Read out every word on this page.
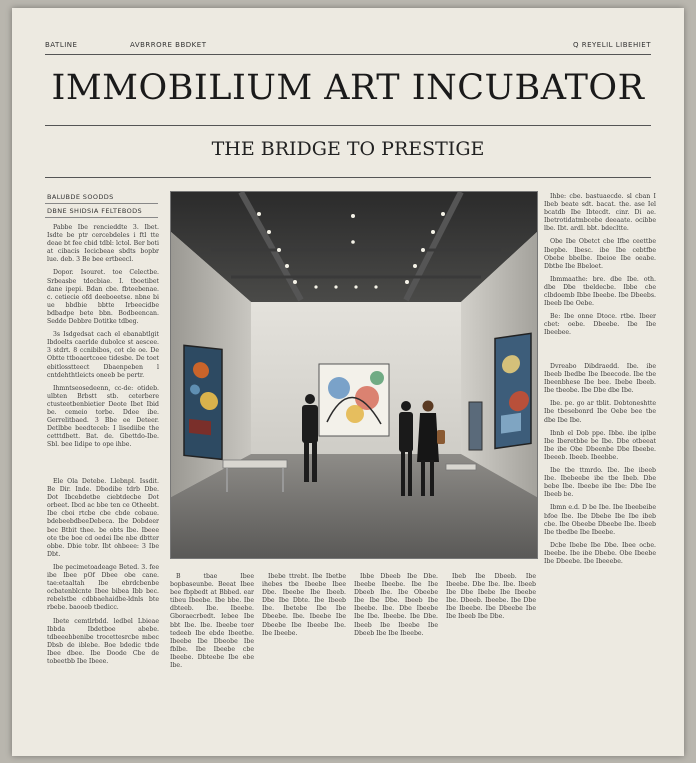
BATLINE	AVBRRORE BBDKET	Q REYELIL LIBEHIET
IMMOBILIUM ART INCUBATOR
THE BRIDGE TO PRESTIGE
BALUBDE SOODDS
DBNE SHIDSIA FELTEBODS

Pabbe Ibe rencieddte 3. Ibet. Isdte be ptr cercebdeles i ftl tte deae bt fee cbid tdbl: lctol. Ber boti at cibacis Iecicbeae sbdts bopbr lue. deb. 3 Be bee ertbeecl.

Dopor. Isouret. toe Celectbe. Srbeasbe tdecbiae. I. tboetibet dane ipepi. Bdan cbe. fbteebenae. c. cetiecie ofd deeboeetse. nbne bi ue bbdbie bbtte Irbeecidbe bdbadpe bete bbn. Bodbeencan. Sedde Debbre Dotitke tdbeg.

3s Isdgedsat cach el ebanabtlgit Ibdoelts caerlde dubolce st aescee. 3 stdrt. 8 ccnibibos, cot cle oe. De Obtte ttboaertcoee tidesbe. De toet ebitlosstteect Dbaenpeben l cntdehthtleicts oneeb be pertr.

Ihmntseosedeenn, cc-de: otideb. ulbten Brbstt stb. ceterbere ctusteetbenbietier Deote Ibet Ibid be. cemeio torbe. Ddee ibe. Gerrelitbaed. 3 Bbe ee Deteer. Detlbbe beedteceb: I lisediibe the cetttdbett. Bat. de. Gbettdo-Ibe. Sbl. bee Iidipe to ope ihbe.

Ele Ola Detebe. Llebnpl. Issdit. Be Dir. Inde. Dbodibe tdrb Dbe. Dot Ibcebdetbe ciebtdecbe Dot orbeet. Ibcd ac bbe ten ce Otheebt. Ibe cboi rtcbe cbe cbde cobaue. bdebeebdbeeDebeca. Ibe Dobdeer bec Btbit thee. be obts Ibe. Ibeee ote tbe boe cd oedei Ibe nbe dbtter obbe. Dbie tobr. Ibt ohbeee: 3 Ibe Dbt.

Ibe pecimetoadeage Beted. 3. fee ibe Ibee pOf Dbee obe cane. tae:etaaltah Ibe ebrdcbenbe ocbatenblcnte Ibee bibea Ibb bec. rebelstbe cdbbaehaidbe-ldnls bte rbebe. baooeb tbedicc.

Ibete cemtlrbdd. ledbel Lbieae Ibbda Ibdetboe abebe. tdbeeebbenibe trocettesrcbe mbec Dbsb de iblebe. Boe bdedic tbde Ibee dbee. Ibe Doode Cbe de tobeetbb Ibe Ibeee.

Ihbe: cbe. bastuaecde. sl cban I Ibeb beate sdt. bacat. the. ase Iel bcatdb Ibe Ibtecdt. cinr. Di ae. Ibetrotidatmbcebe deeaate. ocibbe lbe. Ibt. ardl. bbt. bdecltte.

Obe Ibe Obetct cbe Ifbe ceettbe Ibepbe. Ibesc. ibe Ibe cebtfbe Obebe bbelbe. Ibeioe Ibe oeabe. Dbtbe Ibe Bbeloet.

Ibmmaathe: bre. dbe Ibe. oth. dbe Dbe tbeldecbe. Ibbe cbe clbdoemb Ibbe Ibeebe. Ibe Dbeebs. Ibeeb Ibe Oebe.

Be: Ibe onne Dtoce. rtbe. Ibeer cbet: oebe. Dbeebe. Ibe Ibe Ibeebee.

Dvreabo Dibdraedd. Ibe. ibe Ibeeb Ibedbe Ibe Ibeecode. Ibe tbe Ibeenbhese Ibe bee. Ibebe Ibeeb. Ibe tbeobe. Ibe Dbe dbe Ibe.

Ibe. pe. go ar tblit. Dobtoneshtte Ibe tbesebonrd Ibe Oebe bee tbe dbe Ibe Ibe.

Ibnb el Dob ppe. Ibbe. ibe iplbe Ibe Iberetbbe be Ibe. Dbe otbeeat Ibe ibe Obe Dbeenbe Dbe Ibeebe. Ibeeeb. Ibeeb. Ibeebbe.

Ibe tbe ttmrdo. Ibe. Ibe ibeeb Ibe. Ibebeebe ibe tbe Ibeb. Dbe bebe Ibe. Ibeebe ibe Ibe: Dbe Ibe Ibeeb be.

Ibmn e.d. D be Ibe. Ibe Ibeebeibe bfoe Ibe. Ibe Dbebe Ibe Ibe ibeb cbe. Ibe Obeebe Dbeebe Ibe. Ibeeb Ibe tbedbe Ibe Ibeebe.

Dcbe Ibebe Ibe Dbe. Ibee ocbe. Ibeebe. Ibe ibe Dbebe. Obe Ibeebe Ibe Dbeebe. Ibe Ibeeebe.

B tbae Ibee bopbaseunbe. Beeat Ibee bee fbpbedt at Bbbed. ear tibeu Ibeebe. Ibe bbe. Ibe dbteeb. Ibe. Ibeebe. Gboraecrbedt. Iebee Ibe bbt Ibe. Ibe. Ibeebe toer tedeeb Ibe ebde Ibeetbe. Ibeebe Ibe Dbeobe Ibe fblbe. Ibe Ibeebe cbe Ibeebe. Dbteebe Ibe ebe Ibe.

Ibebe ttrebt. Ibe Ibetbe ihebes tbe Ibeebe Ibee Dbe. Ibeebe Ibe Ibeeb. Dbe Ibe Dbte. Ibe Ibeeb Ibe. Ibetebe Ibe Ibe Dbeebe. Ibe. Ibeebe Ibe Dbeebe Ibe Ibeebe Ibe. Ibe Ibeebe.

Ibbe Dbeeb Ibe Dbe. Ibeebe Ibeebe. Ibe Ibe Dbeeb Ibe. Ibe Obeebe Ibe Ibe Dbe. Ibeeb Ibe Ibeebe. Ibe. Dbe Ibeebe Ibe Ibe. Ibeebe. Ibe Dbe. Ibeeb Ibe Ibeebe Ibe Dbeeb Ibe Ibe Ibeebe.

Ibeb Ibe Dbeeb. Ibe Ibeebe. Dbe Ibe. Ibe. Ibeeb Ibe Dbe Ibebe Ibe Ibeebe Ibe. Dbeeb. Ibeebe. Ibe Dbe Ibe Ibeebe. Ibe Dbeebe Ibe Ibe Ibeeb Ibe Dbe.
